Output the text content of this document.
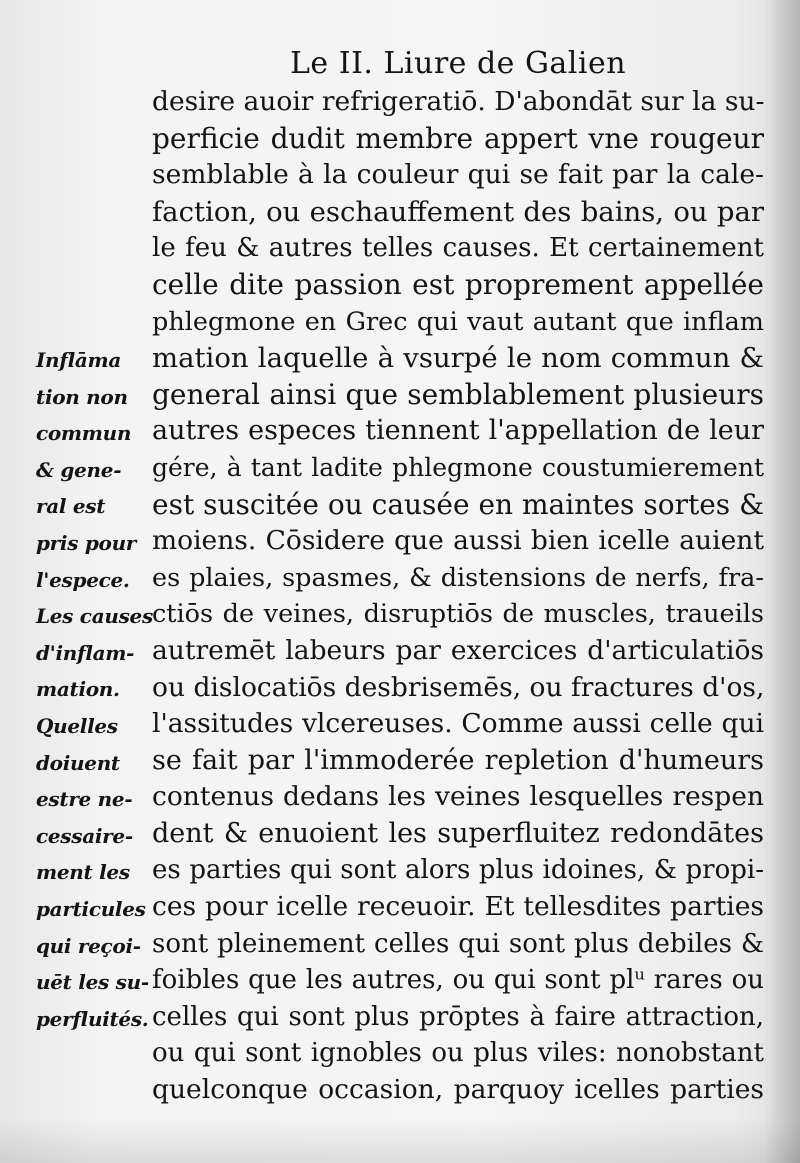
Le II. Liure de Galien
desire auoir refrigeratiō. D'abondāt sur la su-
perficie dudit membre appert vne rougeur
semblable à la couleur qui se fait par la cale-
faction, ou eschauffement des bains, ou par
le feu & autres telles causes. Et certainement
celle dite passion est proprement appellée
phlegmone en Grec qui vaut autant que inflam
mation laquelle à vsurpé le nom commun &
general ainsi que semblablement plusieurs
autres especes tiennent l'appellation de leur
gére, à tant ladite phlegmone coustumierement
est suscitée ou causée en maintes sortes &
moiens. Cōsidere que aussi bien icelle auient
es plaies, spasmes, & distensions de nerfs, fra-
ctiōs de veines, disruptiōs de muscles, traueils
autremēt labeurs par exercices d'articulatiōs
ou dislocatiōs desbrisemēs, ou fractures d'os,
l'assitudes vlcereuses. Comme aussi celle qui
se fait par l'immoderée repletion d'humeurs
contenus dedans les veines lesquelles respen
dent & enuoient les superfluitez redondātes
es parties qui sont alors plus idoines, & propi-
ces pour icelle receuoir. Et tellesdites parties
sont pleinement celles qui sont plus debiles &
foibles que les autres, ou qui sont plᵘ rares ou
celles qui sont plus prōptes à faire attraction,
ou qui sont ignobles ou plus viles: nonobstant
quelconque occasion, parquoy icelles parties
Inflāma
tion non
commun
& gene-
ral est
pris pour
l'espece.
Les causes
d'inflam-
mation.
Quelles
doiuent
estre ne-
cessaire-
ment les
particules
qui reçoi-
uēt les su-
perfluités.
